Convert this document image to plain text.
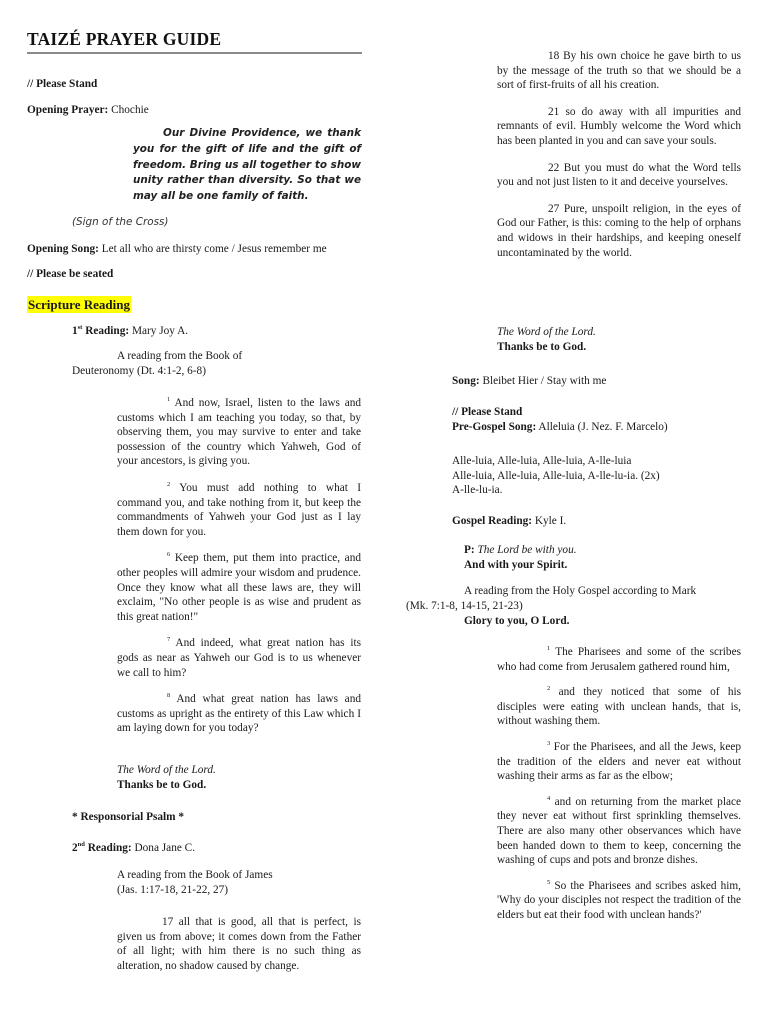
TAIZÉ PRAYER GUIDE
// Please Stand
Opening Prayer: Chochie
Our Divine Providence, we thank you for the gift of life and the gift of freedom. Bring us all together to show unity rather than diversity. So that we may all be one family of faith.
(Sign of the Cross)
Opening Song: Let all who are thirsty come / Jesus remember me
// Please be seated
Scripture Reading
1st Reading: Mary Joy A.
A reading from the Book of
Deuteronomy (Dt. 4:1-2, 6-8)

$^1$ And now, Israel, listen to the laws and customs which I am teaching you today, so that, by observing them, you may survive to enter and take possession of the country which Yahweh, God of your ancestors, is giving you.

$^2$ You must add nothing to what I command you, and take nothing from it, but keep the commandments of Yahweh your God just as I lay them down for you.

$^6$ Keep them, put them into practice, and other peoples will admire your wisdom and prudence. Once they know what all these laws are, they will exclaim, "No other people is as wise and prudent as this great nation!"

$^7$ And indeed, what great nation has its gods as near as Yahweh our God is to us whenever we call to him?

$^8$ And what great nation has laws and customs as upright as the entirety of this Law which I am laying down for you today?

The Word of the Lord.
Thanks be to God.
* Responsorial Psalm *
2nd Reading: Dona Jane C.
A reading from the Book of James
(Jas. 1:17-18, 21-22, 27)
17 all that is good, all that is perfect, is given us from above; it comes down from the Father of all light; with him there is no such thing as alteration, no shadow caused by change.

18 By his own choice he gave birth to us by the message of the truth so that we should be a sort of first-fruits of all his creation.

21 so do away with all impurities and remnants of evil. Humbly welcome the Word which has been planted in you and can save your souls.

22 But you must do what the Word tells you and not just listen to it and deceive yourselves.

27 Pure, unspoilt religion, in the eyes of God our Father, is this: coming to the help of orphans and widows in their hardships, and keeping oneself uncontaminated by the world.

The Word of the Lord.
Thanks be to God.
Song: Bleibet Hier / Stay with me
// Please Stand
Pre-Gospel Song: Alleluia (J. Nez. F. Marcelo)
Alle-luia, Alle-luia, Alle-luia, A-lle-luia
Alle-luia, Alle-luia, Alle-luia, A-lle-lu-ia. (2x)
A-lle-lu-ia.
Gospel Reading: Kyle I.
P: The Lord be with you.
And with your Spirit.
A reading from the Holy Gospel according to Mark
(Mk. 7:1-8, 14-15, 21-23)
Glory to you, O Lord.

$^1$ The Pharisees and some of the scribes who had come from Jerusalem gathered round him,

$^2$ and they noticed that some of his disciples were eating with unclean hands, that is, without washing them.

$^3$ For the Pharisees, and all the Jews, keep the tradition of the elders and never eat without washing their arms as far as the elbow;

$^4$ and on returning from the market place they never eat without first sprinkling themselves. There are also many other observances which have been handed down to them to keep, concerning the washing of cups and pots and bronze dishes.

$^5$ So the Pharisees and scribes asked him, 'Why do your disciples not respect the tradition of the elders but eat their food with unclean hands?'
